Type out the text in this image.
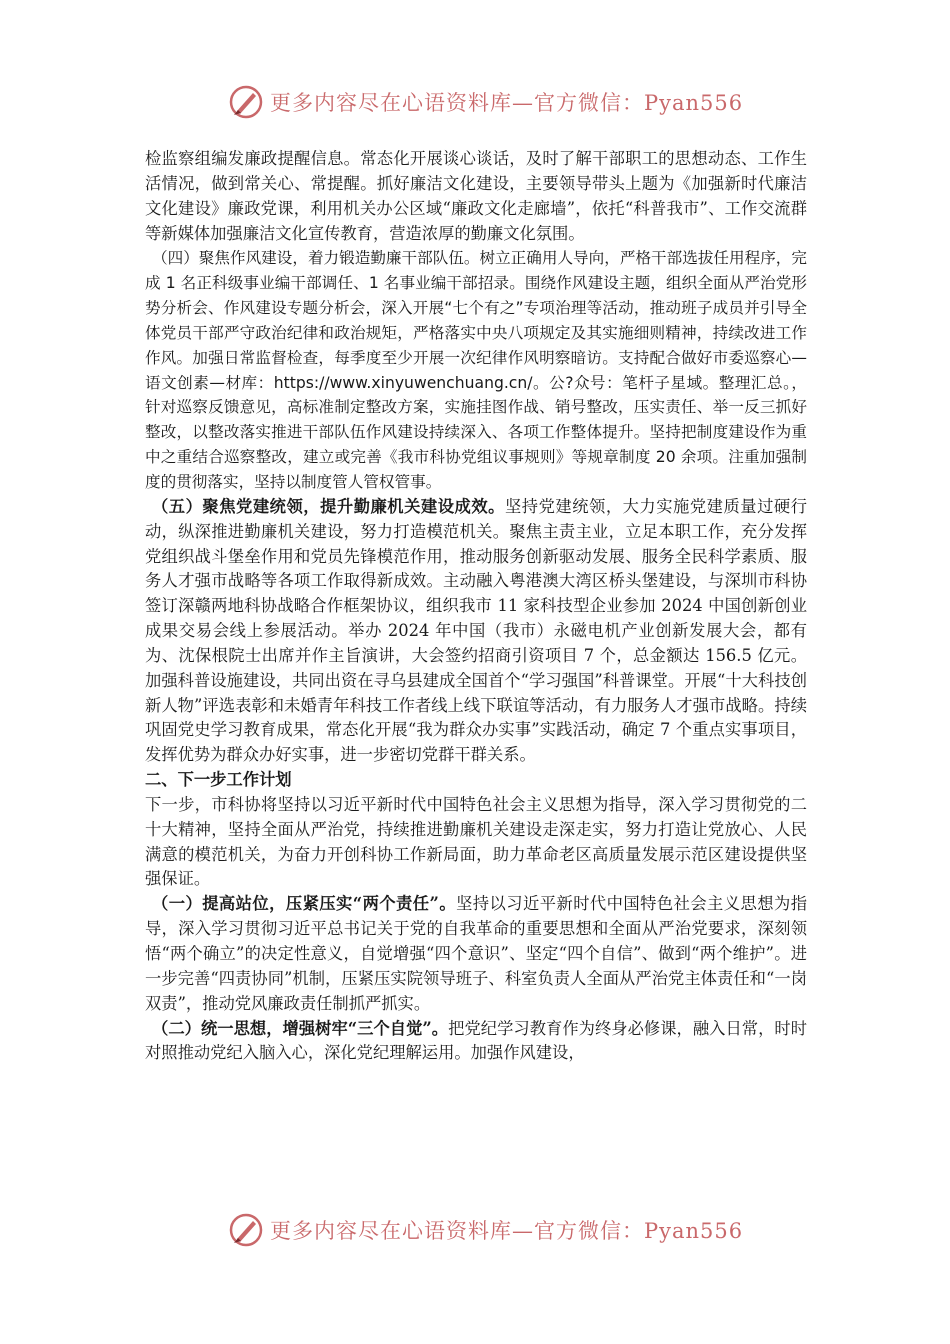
更多内容尽在心语资料库—官方微信：Pyan556

检监察组编发廉政提醒信息。常态化开展谈心谈话，及时了解干部职工的思想动态、工作生活情况，做到常关心、常提醒。抓好廉洁文化建设，主要领导带头上题为《加强新时代廉洁文化建设》廉政党课，利用机关办公区域“廉政文化走廊墙”，依托“科普我市”、工作交流群等新媒体加强廉洁文化宣传教育，营造浓厚的勤廉文化氛围。

（四）聚焦作风建设，着力锻造勤廉干部队伍。树立正确用人导向，严格干部选拔任用程序，完成 1 名正科级事业编干部调任、1 名事业编干部招录。围绕作风建设主题，组织全面从严治党形势分析会、作风建设专题分析会，深入开展“七个有之”专项治理等活动，推动班子成员并引导全体党员干部严守政治纪律和政治规矩，严格落实中央八项规定及其实施细则精神，持续改进工作作风。加强日常监督检查，每季度至少开展一次纪律作风明察暗访。支持配合做好市委巡察心—语文创素—材库：https://www.xinyuwenchuang.cn/。公?众号：笔杆子星域。整理汇总。，针对巡察反馈意见，高标准制定整改方案，实施挂图作战、销号整改，压实责任、举一反三抓好整改，以整改落实推进干部队伍作风建设持续深入、各项工作整体提升。坚持把制度建设作为重中之重结合巡察整改，建立或完善《我市科协党组议事规则》等规章制度 20 余项。注重加强制度的贯彻落实，坚持以制度管人管权管事。

（五）聚焦党建统领，提升勤廉机关建设成效。坚持党建统领，大力实施党建质量过硬行动，纵深推进勤廉机关建设，努力打造模范机关。聚焦主责主业，立足本职工作，充分发挥党组织战斗堡垒作用和党员先锋模范作用，推动服务创新驱动发展、服务全民科学素质、服务人才强市战略等各项工作取得新成效。主动融入粤港澳大湾区桥头堡建设，与深圳市科协签订深赣两地科协战略合作框架协议，组织我市 11 家科技型企业参加 2024 中国创新创业成果交易会线上参展活动。举办 2024 年中国（我市）永磁电机产业创新发展大会，都有为、沈保根院士出席并作主旨演讲，大会签约招商引资项目 7 个，总金额达 156.5 亿元。加强科普设施建设，共同出资在寻乌县建成全国首个“学习强国”科普课堂。开展“十大科技创新人物”评选表彰和未婚青年科技工作者线上线下联谊等活动，有力服务人才强市战略。持续巩固党史学习教育成果，常态化开展“我为群众办实事”实践活动，确定 7 个重点实事项目，发挥优势为群众办好实事，进一步密切党群干群关系。

二、下一步工作计划

下一步，市科协将坚持以习近平新时代中国特色社会主义思想为指导，深入学习贯彻党的二十大精神，坚持全面从严治党，持续推进勤廉机关建设走深走实，努力打造让党放心、人民满意的模范机关，为奋力开创科协工作新局面，助力革命老区高质量发展示范区建设提供坚强保证。

（一）提高站位，压紧压实“两个责任”。坚持以习近平新时代中国特色社会主义思想为指导，深入学习贯彻习近平总书记关于党的自我革命的重要思想和全面从严治党要求，深刻领悟“两个确立”的决定性意义，自觉增强“四个意识”、坚定“四个自信”、做到“两个维护”。进一步完善“四责协同”机制，压紧压实院领导班子、科室负责人全面从严治党主体责任和“一岗双责”，推动党风廉政责任制抓严抓实。

（二）统一思想，增强树牢“三个自觉”。把党纪学习教育作为终身必修课，融入日常，时时对照推动党纪入脑入心，深化党纪理解运用。加强作风建设，

更多内容尽在心语资料库—官方微信：Pyan556
